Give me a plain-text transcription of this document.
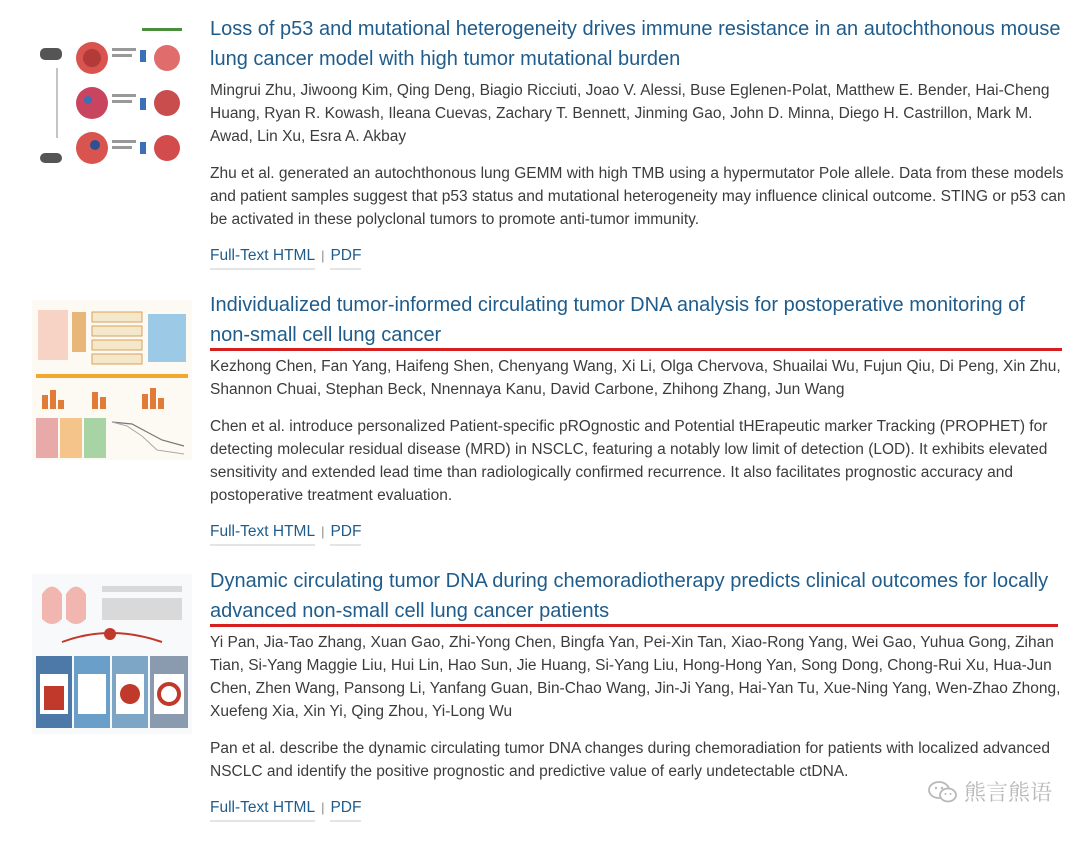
Loss of p53 and mutational heterogeneity drives immune resistance in an autochthonous mouse lung cancer model with high tumor mutational burden

Mingrui Zhu, Jiwoong Kim, Qing Deng, Biagio Ricciuti, Joao V. Alessi, Buse Eglenen-Polat, Matthew E. Bender, Hai-Cheng Huang, Ryan R. Kowash, Ileana Cuevas, Zachary T. Bennett, Jinming Gao, John D. Minna, Diego H. Castrillon, Mark M. Awad, Lin Xu, Esra A. Akbay

Zhu et al. generated an autochthonous lung GEMM with high TMB using a hypermutator Pole allele. Data from these models and patient samples suggest that p53 status and mutational heterogeneity may influence clinical outcome. STING or p53 can be activated in these polyclonal tumors to promote anti-tumor immunity.

Full-Text HTML | PDF
Individualized tumor-informed circulating tumor DNA analysis for postoperative monitoring of non-small cell lung cancer

Kezhong Chen, Fan Yang, Haifeng Shen, Chenyang Wang, Xi Li, Olga Chervova, Shuailai Wu, Fujun Qiu, Di Peng, Xin Zhu, Shannon Chuai, Stephan Beck, Nnennaya Kanu, David Carbone, Zhihong Zhang, Jun Wang

Chen et al. introduce personalized Patient-specific pROgnostic and Potential tHErapeutic marker Tracking (PROPHET) for detecting molecular residual disease (MRD) in NSCLC, featuring a notably low limit of detection (LOD). It exhibits elevated sensitivity and extended lead time than radiologically confirmed recurrence. It also facilitates prognostic accuracy and postoperative treatment evaluation.

Full-Text HTML | PDF
Dynamic circulating tumor DNA during chemoradiotherapy predicts clinical outcomes for locally advanced non-small cell lung cancer patients

Yi Pan, Jia-Tao Zhang, Xuan Gao, Zhi-Yong Chen, Bingfa Yan, Pei-Xin Tan, Xiao-Rong Yang, Wei Gao, Yuhua Gong, Zihan Tian, Si-Yang Maggie Liu, Hui Lin, Hao Sun, Jie Huang, Si-Yang Liu, Hong-Hong Yan, Song Dong, Chong-Rui Xu, Hua-Jun Chen, Zhen Wang, Pansong Li, Yanfang Guan, Bin-Chao Wang, Jin-Ji Yang, Hai-Yan Tu, Xue-Ning Yang, Wen-Zhao Zhong, Xuefeng Xia, Xin Yi, Qing Zhou, Yi-Long Wu

Pan et al. describe the dynamic circulating tumor DNA changes during chemoradiation for patients with localized advanced NSCLC and identify the positive prognostic and predictive value of early undetectable ctDNA.

Full-Text HTML | PDF
熊言熊语
